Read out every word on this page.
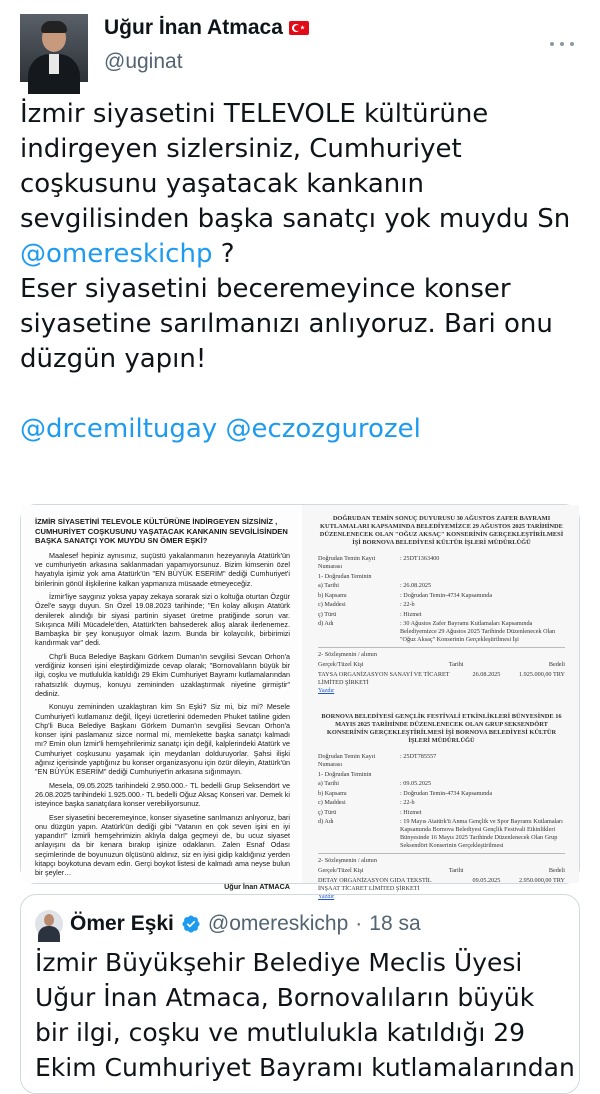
Uğur İnan Atmaca
@uginat

İzmir siyasetini TELEVOLE kültürüne indirgeyen sizlersiniz, Cumhuriyet coşkusunu yaşatacak kankanın sevgilisinden başka sanatçı yok muydu Sn @omereskichp ?

Eser siyasetini beceremeyince konser siyasetine sarılmanızı anlıyoruz. Bari onu düzgün yapın!

@drcemiltugay @eczozgurozel

İZMİR SİYASETİNİ TELEVOLE KÜLTÜRÜNE İNDİRGEYEN SİZSİNİZ , CUMHURİYET COŞKUSUNU YAŞATACAK KANKANIN SEVGİLİSİNDEN BAŞKA SANATÇI YOK MUYDU SN ÖMER EŞKİ?

Maalesef hepiniz aynısınız, suçüstü yakalanmanın hezeyanıyla Atatürk'ün ve cumhuriyetin arkasına saklanmadan yapamıyorsunuz. Bizim kimsenin özel hayatıyla işimiz yok ama Atatürk'ün "EN BÜYÜK ESERİM" dediği Cumhuriyet'i birilerinin gönül ilişkilerine kalkan yapmanıza müsaade etmeyeceğiz.

İzmir'liye saygınız yoksa yapay zekaya sorarak sizi o koltuğa oturtan Özgür Özel'e saygı duyun. Sn Özel 19.08.2023 tarihinde; "En kolay alkışın Atatürk denilerek alındığı bir siyasi partinin siyaset üretme pratiğinde sorun var. Sıkışınca Milli Mücadele'den, Atatürk'ten bahsederek alkış alarak ilerlenemez. Bambaşka bir şey konuşuyor olmak lazım. Bunda bir kolaycılık, birbirimizi kandırmak var" dedi.

Chp'li Buca Belediye Başkanı Görkem Duman'ın sevgilisi Sevcan Orhon'a verdiğiniz konseri işini eleştirdiğimizde cevap olarak; "Bornovalıların büyük bir ilgi, coşku ve mutlulukla katıldığı 29 Ekim Cumhuriyet Bayramı kutlamalarından rahatsızlık duymuş, konuyu zemininden uzaklaştırmak niyetine girmiştir" dediniz.

Konuyu zemininden uzaklaştıran kim Sn Eşki? Siz mi, biz mi? Mesele Cumhuriyet'i kutlamanız değil, İlçeyi ücretlerini ödemeden Phuket tatiline giden Chp'li Buca Belediye Başkanı Görkem Duman'ın sevgilisi Sevcan Orhon'a konser işini paslamanız sizce normal mi, memlekette başka sanatçı kalmadı mı? Emin olun İzmir'li hemşehrilerimiz sanatçı için değil, kalplerindeki Atatürk ve Cumhuriyet coşkusunu yaşamak için meydanları dolduruyorlar. Şahsi ilişki ağınız içerisinde yaptığınız bu konser organizasyonu için özür dileyin, Atatürk'ün "EN BÜYÜK ESERİM" dediği Cumhuriyet'in arkasına sığınmayın.

Mesela, 09.05.2025 tarihindeki 2.950.000.- TL bedelli Grup Seksendört ve 26.08.2025 tarihindeki 1.925.000.- TL bedelli Oğuz Aksaç Konseri var. Demek ki isteyince başka sanatçılara konser verebiliyorsunuz.

Eser siyasetini beceremeyince, konser siyasetine sarılmanızı anlıyoruz, bari onu düzgün yapın. Atatürk'ün dediği gibi "Vatanın en çok seven işini en iyi yapandır!" İzmirli hemşehrimizin aklıyla dalga geçmeyi de, bu ucuz siyaset anlayışını da bir kenara bırakıp işinize odaklanın. Zalen Esnaf Odası seçimlerinde de boyunuzun ölçüsünü aldınız, siz en iyisi gidip kaldığınız yerden kitapçı boykotuna devam edin. Gerçi boykot listesi de kalmadı ama neyse bulun bir şeyler…

Uğur İnan ATMACA

DOĞRUDAN TEMİN SONUÇ DUYURUSU 30 AĞUSTOS ZAFER BAYRAMI KUTLAMALARI KAPSAMINDA BELEDİYEMİZCE 29 AĞUSTOS 2025 TARİHİNDE DÜZENLENECEK OLAN "OĞUZ AKSAÇ" KONSERİNİN GERÇEKLEŞTİRİLMESİ İŞİ BORNOVA BELEDİYESİ KÜLTÜR İŞLERİ MÜDÜRLÜĞÜ
Doğrudan Temin Kayıt Numarası
: 25DT1363400
1- Doğrudan Teminin
a) Tarihi	: 26.08.2025
b) Kapsamı	: Doğrudan Temin-4734 Kapsamında
c) Maddesi	: 22-b
ç) Türü	: Hizmet
d) Adı	: 30 Ağustos Zafer Bayramı Kutlamaları Kapsamında Belediyemizce 29 Ağustos 2025 Tarihinde Düzenlenecek Olan "Oğuz Aksaç" Konserinin Gerçekleştirilmesi İşi
2- Sözleşmenin / alımın
Gerçek/Tüzel Kişi	Tarihi	Bedeli
TAYSA ORGANİZASYON SANAYİ VE TİCARET LİMİTED ŞİRKETİ
26.08.2025	1.925.000,00 TRY
Yazdır
BORNOVA BELEDİYESİ GENÇLİK FESTİVALİ ETKİNLİKLERİ BÜNYESİNDE 16 MAYIS 2025 TARİHİNDE DÜZENLENECEK OLAN GRUP SEKSENDÖRT KONSERİNİN GERÇEKLEŞTİRİLMESİ İŞİ BORNOVA BELEDİYESİ KÜLTÜR İŞLERİ MÜDÜRLÜĞÜ
Doğrudan Temin Kayıt Numarası
: 25DT785557
1- Doğrudan Teminin
a) Tarihi	: 09.05.2025
b) Kapsamı	: Doğrudan Temin-4734 Kapsamında
c) Maddesi	: 22-b
ç) Türü	: Hizmet
d) Adı	: 19 Mayıs Atatürk'ü Anma Gençlik ve Spor Bayramı Kutlamaları Kapsamında Bornova Belediyesi Gençlik Festivali Etkinlikleri Bünyesinde 16 Mayıs 2025 Tarihinde Düzenlenecek Olan Grup Seksendört Konserinin Gerçekleştirilmesi
2- Sözleşmenin / alımın
Gerçek/Tüzel Kişi	Tarihi	Bedeli
DETAY ORGANİZASYON GIDA TEKSTİL İNŞAAT TİCARET LİMİTED ŞİRKETİ
09.05.2025	2.950.000,00 TRY
Yazdır
Ömer Eşki @omereskichp · 18 sa
İzmir Büyükşehir Belediye Meclis Üyesi Uğur İnan Atmaca, Bornovalıların büyük bir ilgi, coşku ve mutlulukla katıldığı 29 Ekim Cumhuriyet Bayramı kutlamalarından
